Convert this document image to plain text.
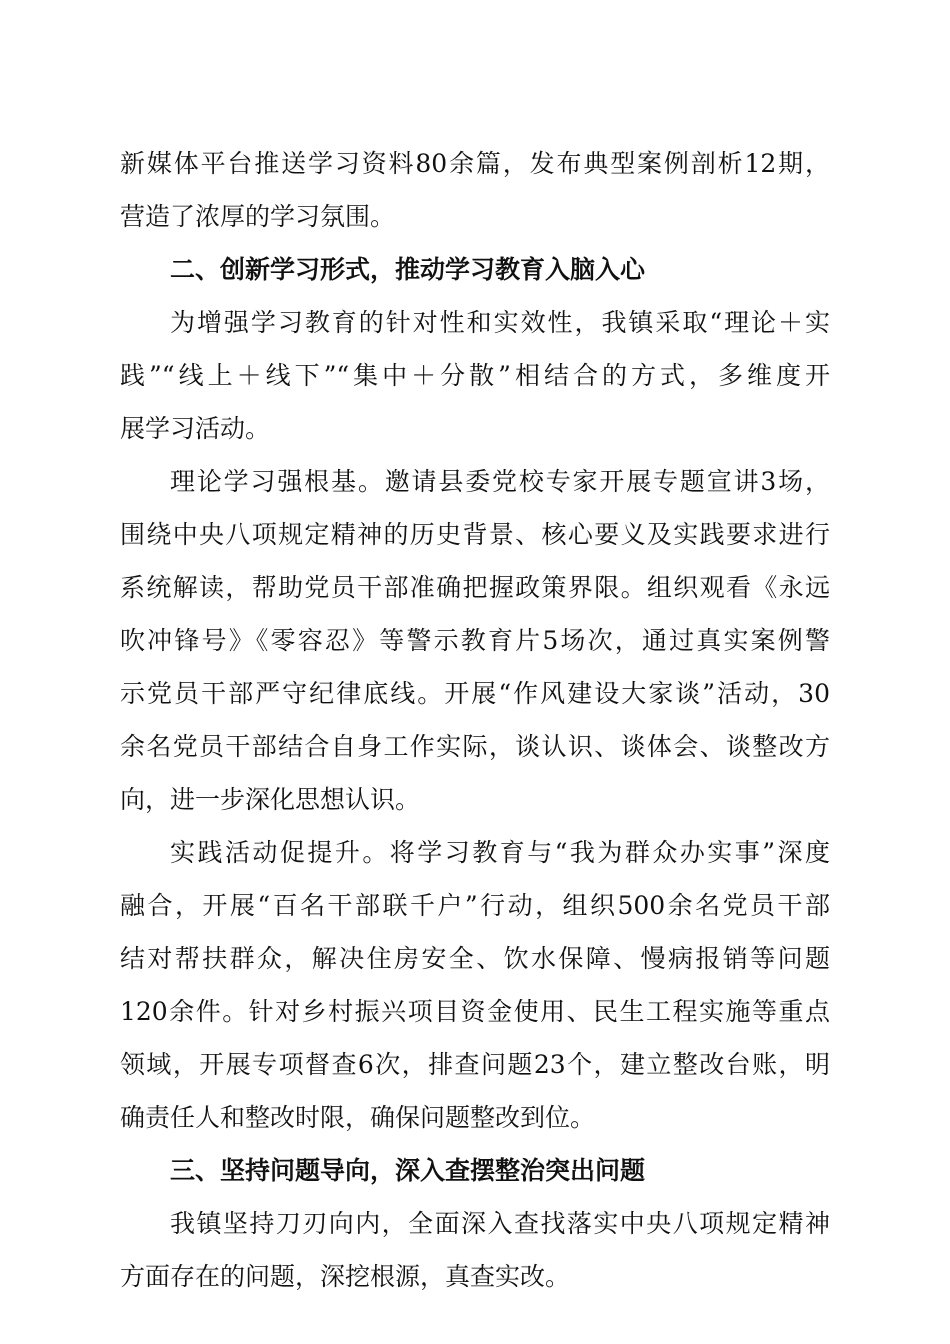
新媒体平台推送学习资料80余篇，发布典型案例剖析12期，
营造了浓厚的学习氛围。
二、创新学习形式，推动学习教育入脑入心
为增强学习教育的针对性和实效性，我镇采取“理论＋实
践”“线上＋线下”“集中＋分散”相结合的方式，多维度开
展学习活动。
理论学习强根基。邀请县委党校专家开展专题宣讲3场，
围绕中央八项规定精神的历史背景、核心要义及实践要求进行
系统解读，帮助党员干部准确把握政策界限。组织观看《永远
吹冲锋号》《零容忍》等警示教育片5场次，通过真实案例警
示党员干部严守纪律底线。开展“作风建设大家谈”活动，30
余名党员干部结合自身工作实际，谈认识、谈体会、谈整改方
向，进一步深化思想认识。
实践活动促提升。将学习教育与“我为群众办实事”深度
融合，开展“百名干部联千户”行动，组织500余名党员干部
结对帮扶群众，解决住房安全、饮水保障、慢病报销等问题
120余件。针对乡村振兴项目资金使用、民生工程实施等重点
领域，开展专项督查6次，排查问题23个，建立整改台账，明
确责任人和整改时限，确保问题整改到位。
三、坚持问题导向，深入查摆整治突出问题
我镇坚持刀刃向内，全面深入查找落实中央八项规定精神
方面存在的问题，深挖根源，真查实改。
